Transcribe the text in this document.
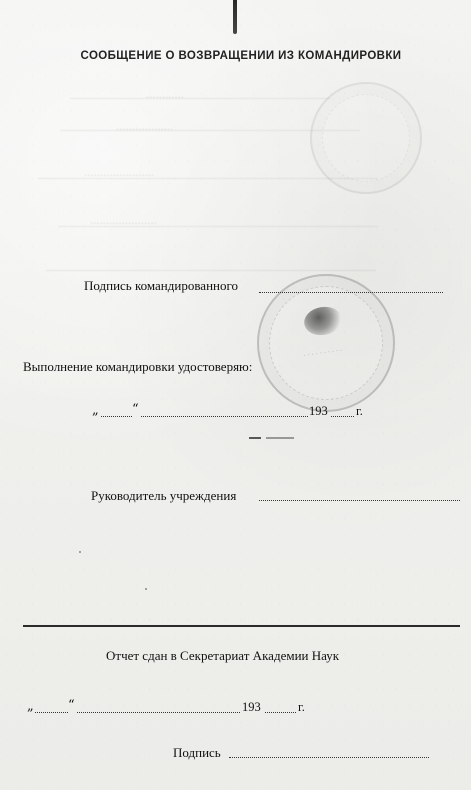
............
..................
......................
.....................
СООБЩЕНИЕ О ВОЗВРАЩЕНИИ ИЗ КОМАНДИРОВКИ
Подпись командированного
· · · · · · · · · ·
Выполнение командировки удостоверяю:
„	“	193 г.
Руководитель учреждения
Отчет сдан в Секретариат Академии Наук
„	“	193	г.
Подпись
